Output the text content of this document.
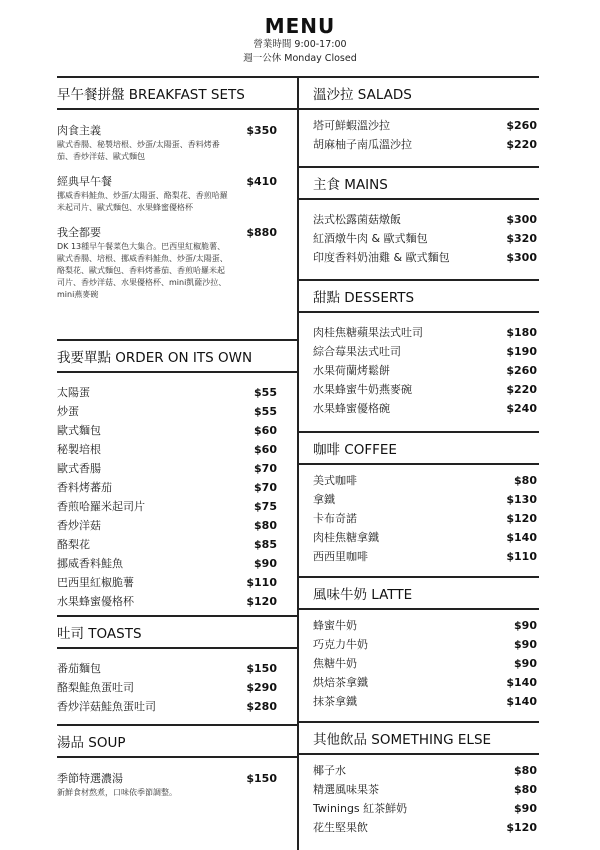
MENU
營業時間 9:00-17:00
週一公休 Monday Closed
早午餐拼盤 BREAKFAST SETS
肉食主義	$350
歐式香腸、秘製培根、炒蛋/太陽蛋、香料烤番茄、香炒洋菇、歐式麵包
經典早午餐	$410
挪威香料鮭魚、炒蛋/太陽蛋、酪梨花、香煎哈羅米起司片、歐式麵包、水果蜂蜜優格杯
我全都要	$880
DK 13種早午餐菜色大集合。巴西里紅椒脆薯、歐式香腸、培根、挪威香料鮭魚、炒蛋/太陽蛋、酪梨花、歐式麵包、香料烤番茄、香煎哈羅米起司片、香炒洋菇、水果優格杯、mini凱薩沙拉、mini燕麥碗
我要單點 ORDER ON ITS OWN
太陽蛋	$55
炒蛋	$55
歐式麵包	$60
秘製培根	$60
歐式香腸	$70
香料烤蕃茄	$70
香煎哈羅米起司片	$75
香炒洋菇	$80
酪梨花	$85
挪威香料鮭魚	$90
巴西里紅椒脆薯	$110
水果蜂蜜優格杯	$120
吐司 TOASTS
番茄麵包	$150
酪梨鮭魚蛋吐司	$290
香炒洋菇鮭魚蛋吐司	$280
湯品 SOUP
季節特選濃湯	$150
新鮮食材熬煮，口味依季節調整。
溫沙拉 SALADS
塔可鮮蝦溫沙拉	$260
胡麻柚子南瓜溫沙拉	$220
主食 MAINS
法式松露菌菇燉飯	$300
紅酒燉牛肉 & 歐式麵包	$320
印度香料奶油雞 & 歐式麵包	$300
甜點 DESSERTS
肉桂焦糖蘋果法式吐司	$180
綜合莓果法式吐司	$190
水果荷蘭烤鬆餅	$260
水果蜂蜜牛奶燕麥碗	$220
水果蜂蜜優格碗	$240
咖啡 COFFEE
美式咖啡	$80
拿鐵	$130
卡布奇諾	$120
肉桂焦糖拿鐵	$140
西西里咖啡	$110
風味牛奶 LATTE
蜂蜜牛奶	$90
巧克力牛奶	$90
焦糖牛奶	$90
烘焙茶拿鐵	$140
抹茶拿鐵	$140
其他飲品 SOMETHING ELSE
椰子水	$80
精選風味果茶	$80
Twinings 紅茶鮮奶	$90
花生堅果飲	$120
